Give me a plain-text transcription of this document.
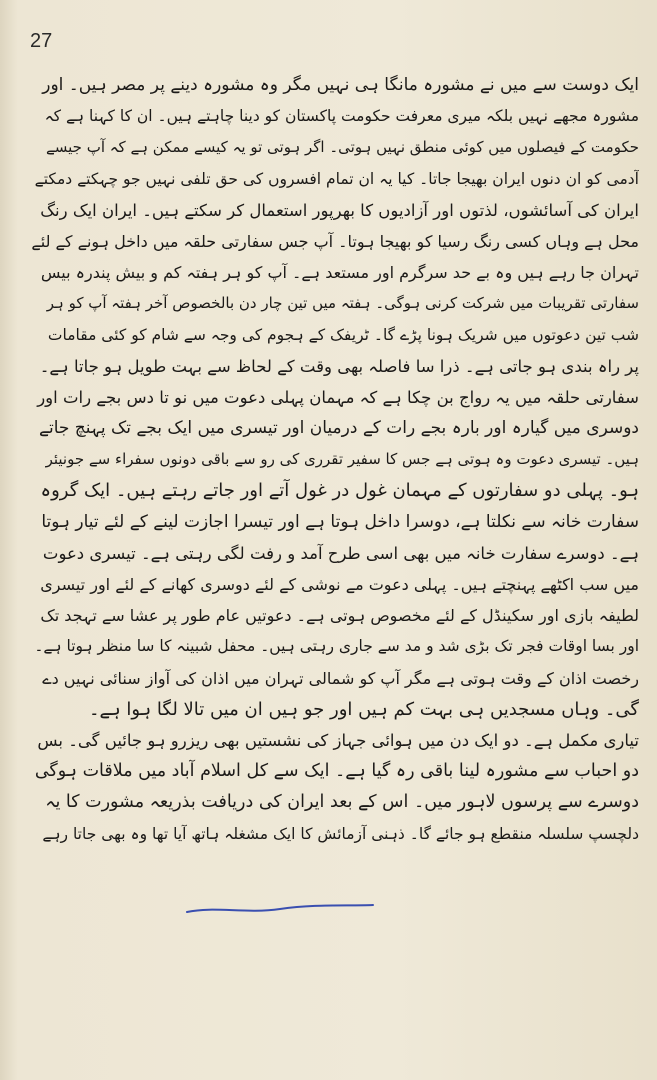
27
ایک دوست سے میں نے مشورہ مانگا ہی نہیں مگر وہ مشورہ دینے پر مصر ہیں۔ اور
مشورہ مجھے نہیں بلکہ میری معرفت حکومت پاکستان کو دینا چاہتے ہیں۔ ان کا کہنا ہے کہ
حکومت کے فیصلوں میں کوئی منطق نہیں ہوتی۔ اگر ہوتی تو یہ کیسے ممکن ہے کہ آپ جیسے
آدمی کو ان دنوں ایران بھیجا جاتا۔ کیا یہ ان تمام افسروں کی حق تلفی نہیں جو چہکتے دمکتے
ایران کی آسائشوں، لذتوں اور آزادیوں کا بھرپور استعمال کر سکتے ہیں۔ ایران ایک رنگ
محل ہے وہاں کسی رنگ رسیا کو بھیجا ہوتا۔ آپ جس سفارتی حلقہ میں داخل ہونے کے لئے
تہران جا رہے ہیں وہ بے حد سرگرم اور مستعد ہے۔ آپ کو ہر ہفتہ کم و بیش پندرہ بیس
سفارتی تقریبات میں شرکت کرنی ہوگی۔ ہفتہ میں تین چار دن بالخصوص آخر ہفتہ آپ کو ہر
شب تین دعوتوں میں شریک ہونا پڑے گا۔ ٹریفک کے ہجوم کی وجہ سے شام کو کئی مقامات
پر راہ بندی ہو جاتی ہے۔ ذرا سا فاصلہ بھی وقت کے لحاظ سے بہت طویل ہو جاتا ہے۔
سفارتی حلقہ میں یہ رواج بن چکا ہے کہ مہمان پہلی دعوت میں نو تا دس بجے رات اور
دوسری میں گیارہ اور بارہ بجے رات کے درمیان اور تیسری میں ایک بجے تک پہنچ جاتے
ہیں۔ تیسری دعوت وہ ہوتی ہے جس کا سفیر تقرری کی رو سے باقی دونوں سفراء سے جونیئر
ہو۔ پہلی دو سفارتوں کے مہمان غول در غول آتے اور جاتے رہتے ہیں۔ ایک گروہ
سفارت خانہ سے نکلتا ہے، دوسرا داخل ہوتا ہے اور تیسرا اجازت لینے کے لئے تیار ہوتا
ہے۔ دوسرے سفارت خانہ میں بھی اسی طرح آمد و رفت لگی رہتی ہے۔ تیسری دعوت
میں سب اکٹھے پہنچتے ہیں۔ پہلی دعوت مے نوشی کے لئے دوسری کھانے کے لئے اور تیسری
لطیفہ بازی اور سکینڈل کے لئے مخصوص ہوتی ہے۔ دعوتیں عام طور پر عشا سے تہجد تک
اور بسا اوقات فجر تک بڑی شد و مد سے جاری رہتی ہیں۔ محفل شبینہ کا سا منظر ہوتا ہے۔
رخصت اذان کے وقت ہوتی ہے مگر آپ کو شمالی تہران میں اذان کی آواز سنائی نہیں دے
گی۔ وہاں مسجدیں ہی بہت کم ہیں اور جو ہیں ان میں تالا لگا ہوا ہے۔
تیاری مکمل ہے۔ دو ایک دن میں ہوائی جہاز کی نشستیں بھی ریزرو ہو جائیں گی۔ بس
دو احباب سے مشورہ لینا باقی رہ گیا ہے۔ ایک سے کل اسلام آباد میں ملاقات ہوگی
دوسرے سے پرسوں لاہور میں۔ اس کے بعد ایران کی دریافت بذریعہ مشورت کا یہ
دلچسپ سلسلہ منقطع ہو جائے گا۔ ذہنی آزمائش کا ایک مشغلہ ہاتھ آیا تھا وہ بھی جاتا رہے
